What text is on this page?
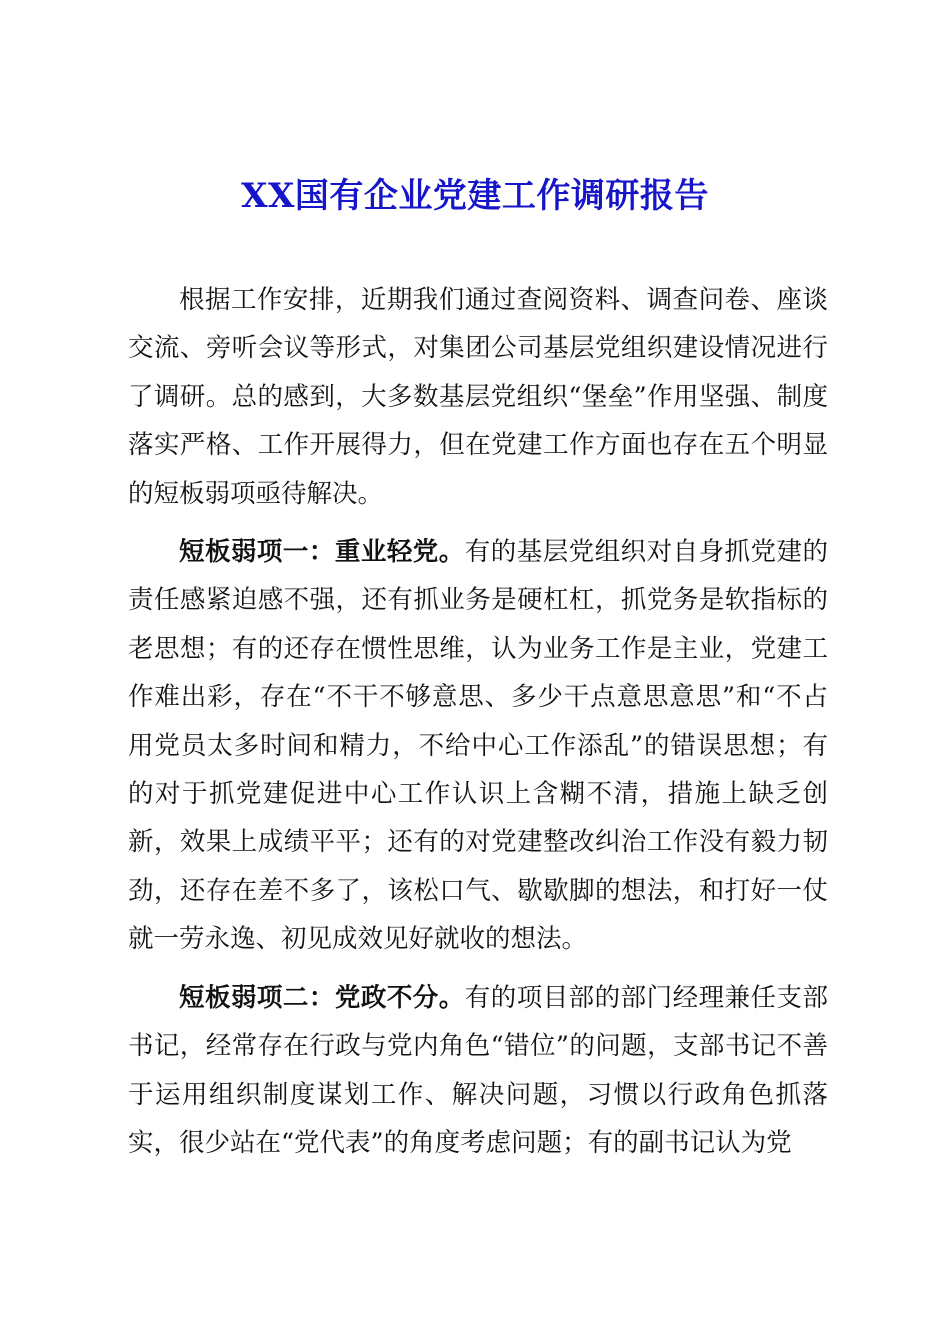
XX国有企业党建工作调研报告

根据工作安排，近期我们通过查阅资料、调查问卷、座谈交流、旁听会议等形式，对集团公司基层党组织建设情况进行了调研。总的感到，大多数基层党组织“堡垒”作用坚强、制度落实严格、工作开展得力，但在党建工作方面也存在五个明显的短板弱项亟待解决。

短板弱项一：重业轻党。有的基层党组织对自身抓党建的责任感紧迫感不强，还有抓业务是硬杠杠，抓党务是软指标的老思想；有的还存在惯性思维，认为业务工作是主业，党建工作难出彩，存在“不干不够意思、多少干点意思意思”和“不占用党员太多时间和精力，不给中心工作添乱”的错误思想；有的对于抓党建促进中心工作认识上含糊不清，措施上缺乏创新，效果上成绩平平；还有的对党建整改纠治工作没有毅力韧劲，还存在差不多了，该松口气、歇歇脚的想法，和打好一仗就一劳永逸、初见成效见好就收的想法。

短板弱项二：党政不分。有的项目部的部门经理兼任支部书记，经常存在行政与党内角色“错位”的问题，支部书记不善于运用组织制度谋划工作、解决问题，习惯以行政角色抓落实，很少站在“党代表”的角度考虑问题；有的副书记认为党
